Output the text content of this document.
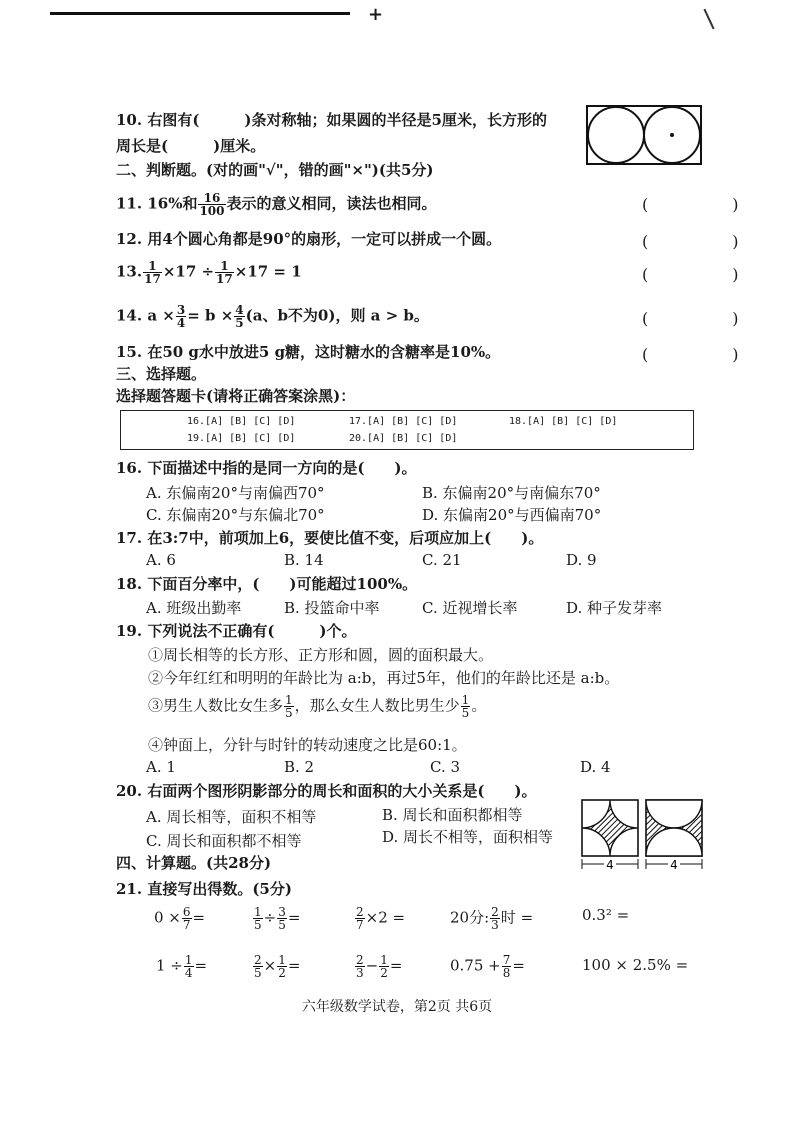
+
10. 右图有(　　　)条对称轴；如果圆的半径是5厘米，长方形的
周长是(　　　)厘米。
二、判断题。(对的画"√"，错的画"×")(共5分)
11. 16%和 $\frac{16}{100}$ 表示的意义相同，读法也相同。	(　)
12. 用4个圆心角都是90°的扇形，一定可以拼成一个圆。	(　)
13. $\frac{1}{17} \times 17 \div \frac{1}{17} \times 17 = 1$	(　)
14. $a \times \frac{3}{4} = b \times \frac{4}{5} (a$、b不为0)，则 a > b。	(　)
15. 在50 g水中放进5 g糖，这时糖水的含糖率是10%。	(　)
三、选择题。
选择题答题卡(请将正确答案涂黑)：
16.[A] [B] [C] [D]	17.[A] [B] [C] [D]	18.[A] [B] [C] [D]
19.[A] [B] [C] [D]	20.[A] [B] [C] [D]
16. 下面描述中指的是同一方向的是(　　)。
A. 东偏南20°与南偏西70°	B. 东偏南20°与南偏东70°
C. 东偏南20°与东偏北70°	D. 东偏南20°与西偏南70°
17. 在3:7中，前项加上6，要使比值不变，后项应加上(　　)。
A. 6	B. 14	C. 21	D. 9
18. 下面百分率中，(　　)可能超过100%。
A. 班级出勤率	B. 投篮命中率	C. 近视增长率	D. 种子发芽率
19. 下列说法不正确有(　　　)个。
①周长相等的长方形、正方形和圆，圆的面积最大。
②今年红红和明明的年龄比为 a:b，再过5年，他们的年龄比还是 a:b。
③男生人数比女生多 $\frac{1}{5}$ ，那么女生人数比男生少 $\frac{1}{5}$ 。
④钟面上，分针与时针的转动速度之比是60:1。
A. 1	B. 2	C. 3	D. 4
20. 右面两个图形阴影部分的周长和面积的大小关系是(　　)。
A. 周长相等，面积不相等	B. 周长和面积都相等
C. 周长和面积都不相等	D. 周长不相等，面积相等
4	4
四、计算题。(共28分)
21. 直接写出得数。(5分)
$0 \times \frac{6}{7}$ =	$\frac{1}{5} \div \frac{3}{5}$ =	$\frac{2}{7} \times 2$ =	20分: $\frac{2}{3}$ 时 =	0.3² =
$1 \div \frac{1}{4}$ =	$\frac{2}{5} \times \frac{1}{2}$ =	$\frac{2}{3} - \frac{1}{2}$ =	$0.75 + \frac{7}{8}$ =	100 × 2.5% =
六年级数学试卷，第2页 共6页
